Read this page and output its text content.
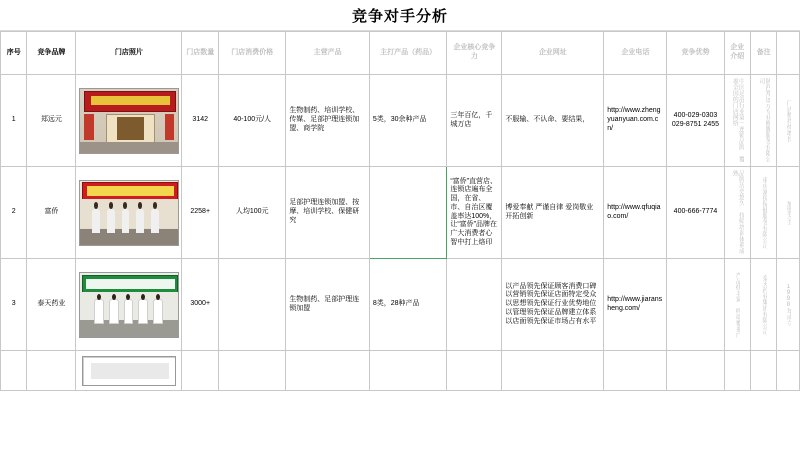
竞争对手分析
序号	竞争品牌	门店照片	门店数量	门店消费价格	主营产品	主打产品（药品）	企业核心竞争力	企业网址	企业电话	竞争优势	企业介绍	备注	
1	郑远元		3142	40-100元/人	生物制药、培训学校、传媒、足部护理连锁加盟、商学院	5类，30余种产品	三年百亿，千城万店	不服输、不认命、要结果，	http://www.zhengyuanyuan.com.cn/	400-029-0303 029-8751 2455	中国足浴行业第一连锁品牌 覆盖全国的门店网络	陕西郑远元专业修脚服务有限公司	门店数持续增长

2	富侨		2258+	人均100元	足部护理连锁加盟、按摩、培训学校、保健研究		“富侨”直营店、连锁店遍布全国，在省、市、自治区覆盖率达100%，让“富侨”品牌在广大消费者心智中打上烙印	博爱奉献 严谨自律 爱岗敬业 开拓创新	http://www.qfuqiao.com/	400-666-7774	品牌历史悠久 技师培训体系成熟	重庆富侨保健服务有限公司	加盟为主

3	泰天药业		3000+		生物制药、足部护理连锁加盟	8类，28种产品		以产品领先保证顾客消费口碑 以营销领先保证店面特定受众 以思想领先保证行业优势地位 以管理领先保证品牌建立体系 以店面领先保证市场占有水平	http://www.jiaransheng.com/		产品线丰富 终端覆盖广	泰天药业集团有限公司	1998年成立
